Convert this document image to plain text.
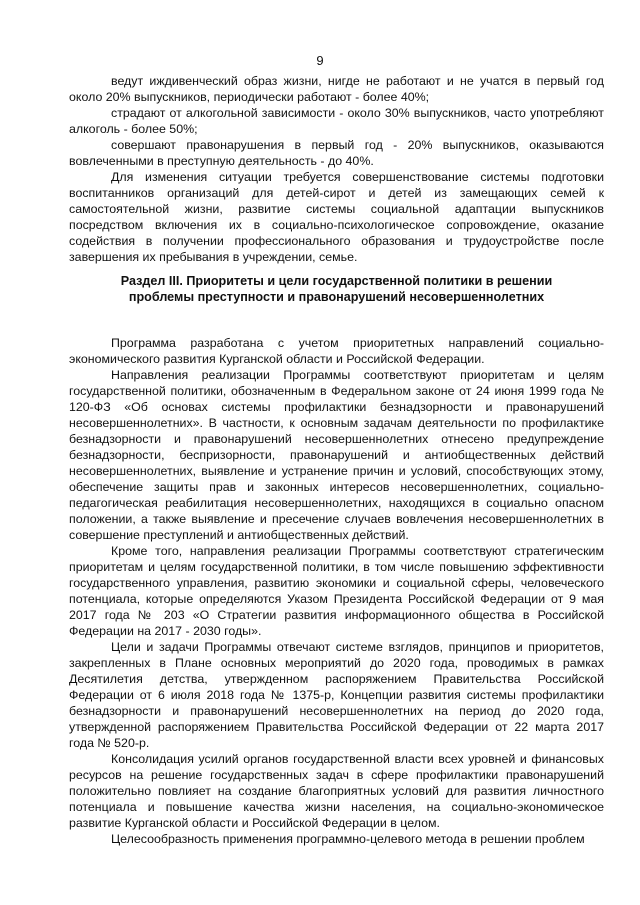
9

ведут иждивенческий образ жизни, нигде не работают и не учатся в первый год около 20% выпускников, периодически работают - более 40%;

страдают от алкогольной зависимости - около 30% выпускников, часто употребляют алкоголь - более 50%;

совершают правонарушения в первый год - 20% выпускников, оказываются вовлеченными в преступную деятельность - до 40%.

Для изменения ситуации требуется совершенствование системы подготовки воспитанников организаций для детей-сирот и детей из замещающих семей к самостоятельной жизни, развитие системы социальной адаптации выпускников посредством включения их в социально-психологическое сопровождение, оказание содействия в получении профессионального образования и трудоустройстве после завершения их пребывания в учреждении, семье.

Раздел III. Приоритеты и цели государственной политики в решении
проблемы преступности и правонарушений несовершеннолетних

Программа разработана с учетом приоритетных направлений социально-экономического развития Курганской области и Российской Федерации.

Направления реализации Программы соответствуют приоритетам и целям государственной политики, обозначенным в Федеральном законе от 24 июня 1999 года № 120-ФЗ «Об основах системы профилактики безнадзорности и правонарушений несовершеннолетних». В частности, к основным задачам деятельности по профилактике безнадзорности и правонарушений несовершеннолетних отнесено предупреждение безнадзорности, беспризорности, правонарушений и антиобщественных действий несовершеннолетних, выявление и устранение причин и условий, способствующих этому, обеспечение защиты прав и законных интересов несовершеннолетних, социально-педагогическая реабилитация несовершеннолетних, находящихся в социально опасном положении, а также выявление и пресечение случаев вовлечения несовершеннолетних в совершение преступлений и антиобщественных действий.

Кроме того, направления реализации Программы соответствуют стратегическим приоритетам и целям государственной политики, в том числе повышению эффективности государственного управления, развитию экономики и социальной сферы, человеческого потенциала, которые определяются Указом Президента Российской Федерации от 9 мая 2017 года № 203 «О Стратегии развития информационного общества в Российской Федерации на 2017 - 2030 годы».

Цели и задачи Программы отвечают системе взглядов, принципов и приоритетов, закрепленных в Плане основных мероприятий до 2020 года, проводимых в рамках Десятилетия детства, утвержденном распоряжением Правительства Российской Федерации от 6 июля 2018 года № 1375-р, Концепции развития системы профилактики безнадзорности и правонарушений несовершеннолетних на период до 2020 года, утвержденной распоряжением Правительства Российской Федерации от 22 марта 2017 года № 520-р.

Консолидация усилий органов государственной власти всех уровней и финансовых ресурсов на решение государственных задач в сфере профилактики правонарушений положительно повлияет на создание благоприятных условий для развития личностного потенциала и повышение качества жизни населения, на социально-экономическое развитие Курганской области и Российской Федерации в целом.

Целесообразность применения программно-целевого метода в решении проблем
